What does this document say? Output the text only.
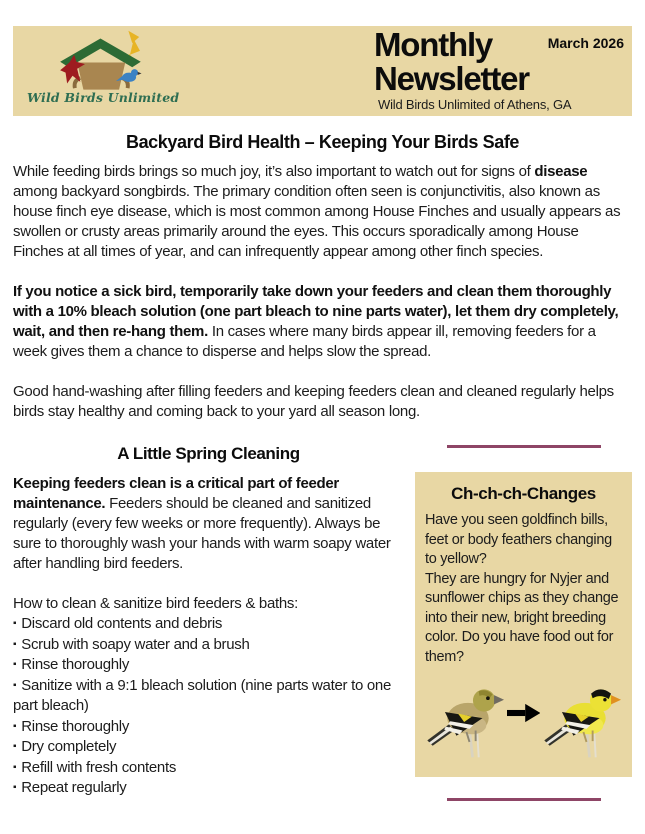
Wild Birds Unlimited
Monthly	March 2026
Newsletter
Wild Birds Unlimited of Athens, GA
Backyard Bird Health – Keeping Your Birds Safe

While feeding birds brings so much joy, it’s also important to watch out for signs of disease among backyard songbirds. The primary condition often seen is conjunctivitis, also known as house finch eye disease, which is most common among House Finches and usually appears as swollen or crusty areas primarily around the eyes. This occurs sporadically among House Finches at all times of year, and can infrequently appear among other finch species.

If you notice a sick bird, temporarily take down your feeders and clean them thoroughly with a 10% bleach solution (one part bleach to nine parts water), let them dry completely, wait, and then re-hang them. In cases where many birds appear ill, removing feeders for a week gives them a chance to disperse and helps slow the spread.

Good hand-washing after filling feeders and keeping feeders clean and cleaned regularly helps birds stay healthy and coming back to your yard all season long.

A Little Spring Cleaning

Keeping feeders clean is a critical part of feeder maintenance. Feeders should be cleaned and sanitized regularly (every few weeks or more frequently). Always be sure to thoroughly wash your hands with warm soapy water after handling bird feeders.

How to clean & sanitize bird feeders & baths:

▪ Discard old contents and debris
▪ Scrub with soapy water and a brush
▪ Rinse thoroughly
▪ Sanitize with a 9:1 bleach solution (nine parts water to one part bleach)
▪ Rinse thoroughly
▪ Dry completely
▪ Refill with fresh contents
▪ Repeat regularly
Ch-ch-ch-Changes
Have you seen goldfinch bills, feet or body feathers changing to yellow?
They are hungry for Nyjer and sunflower chips as they change into their new, bright breeding color. Do you have food out for them?
